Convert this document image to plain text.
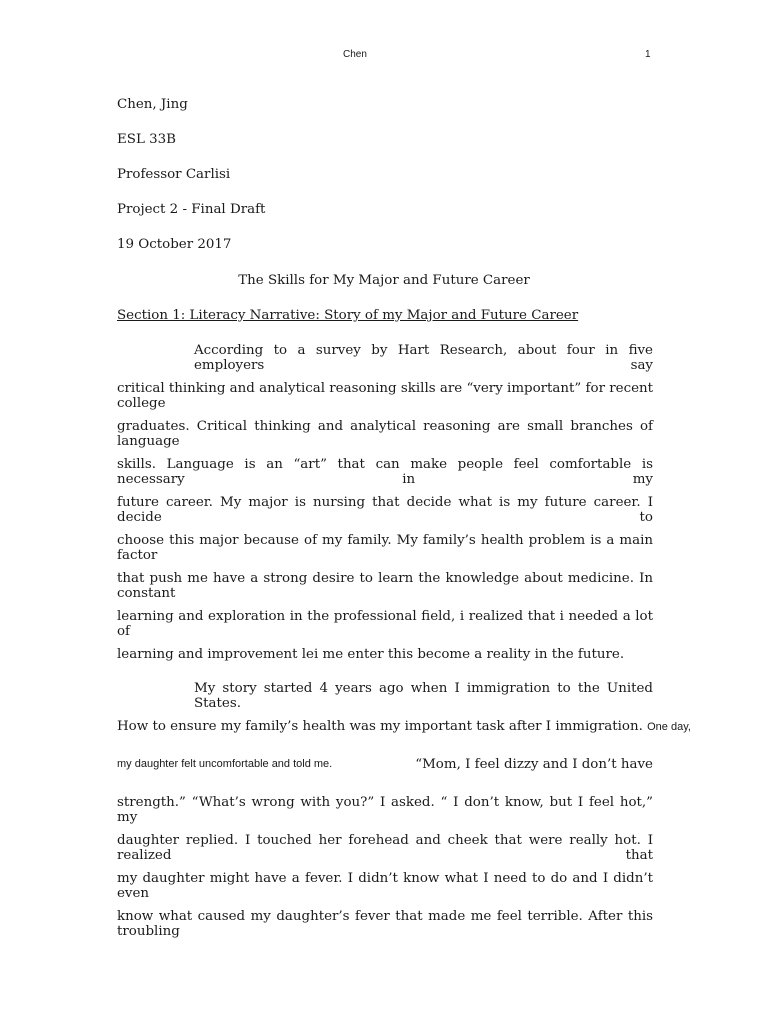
Chen	1
Chen, Jing
ESL 33B
Professor Carlisi
Project 2 - Final Draft
19 October 2017
The Skills for My Major and Future Career
Section 1: Literacy Narrative: Story of my Major and Future Career
According to a survey by Hart Research, about four in five employers say
critical thinking and analytical reasoning skills are “very important” for recent college
graduates. Critical thinking and analytical reasoning are small branches of language
skills. Language is an “art” that can make people feel comfortable is necessary in my
future career. My major is nursing that decide what is my future career. I decide to
choose this major because of my family. My family’s health problem is a main factor
that push me have a strong desire to learn the knowledge about medicine. In constant
learning and exploration in the professional field, i realized that i needed a lot of
learning and improvement lei me enter this become a reality in the future.
My story started 4 years ago when I immigration to the United States.
How to ensure my family’s health was my important task after I immigration. One day,
my daughter felt uncomfortable and told me.	“Mom, I feel dizzy and I don’t have
strength.” “What’s wrong with you?” I asked. “ I don’t know, but I feel hot,” my
daughter replied. I touched her forehead and cheek that were really hot. I realized that
my daughter might have a fever. I didn’t know what I need to do and I didn’t even
know what caused my daughter’s fever that made me feel terrible. After this troubling
